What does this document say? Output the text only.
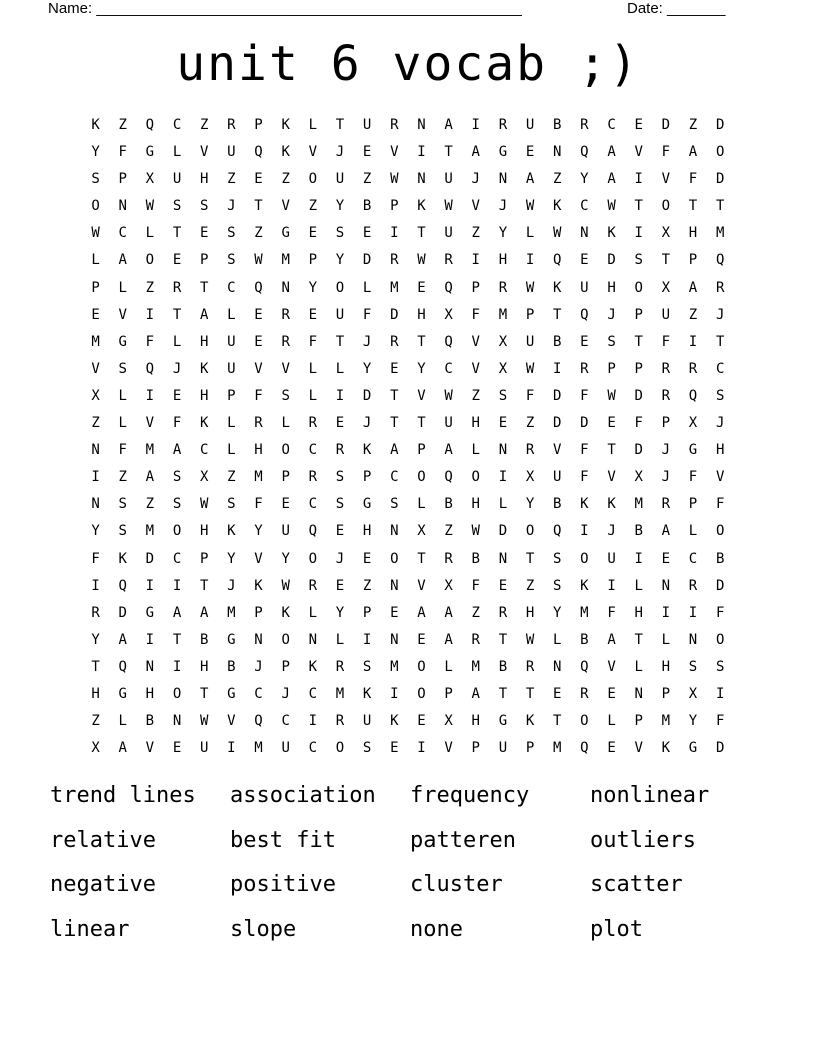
Name: ___________________________________________________	Date: _______
unit 6 vocab ;)
K	Z	Q	C	Z	R	P	K	L	T	U	R	N	A	I	R	U	B	R	C	E	D	Z	D
Y	F	G	L	V	U	Q	K	V	J	E	V	I	T	A	G	E	N	Q	A	V	F	A	O
S	P	X	U	H	Z	E	Z	O	U	Z	W	N	U	J	N	A	Z	Y	A	I	V	F	D
O	N	W	S	S	J	T	V	Z	Y	B	P	K	W	V	J	W	K	C	W	T	O	T	T
W	C	L	T	E	S	Z	G	E	S	E	I	T	U	Z	Y	L	W	N	K	I	X	H	M
L	A	O	E	P	S	W	M	P	Y	D	R	W	R	I	H	I	Q	E	D	S	T	P	Q
P	L	Z	R	T	C	Q	N	Y	O	L	M	E	Q	P	R	W	K	U	H	O	X	A	R
E	V	I	T	A	L	E	R	E	U	F	D	H	X	F	M	P	T	Q	J	P	U	Z	J
M	G	F	L	H	U	E	R	F	T	J	R	T	Q	V	X	U	B	E	S	T	F	I	T
V	S	Q	J	K	U	V	V	L	L	Y	E	Y	C	V	X	W	I	R	P	P	R	R	C
X	L	I	E	H	P	F	S	L	I	D	T	V	W	Z	S	F	D	F	W	D	R	Q	S
Z	L	V	F	K	L	R	L	R	E	J	T	T	U	H	E	Z	D	D	E	F	P	X	J
N	F	M	A	C	L	H	O	C	R	K	A	P	A	L	N	R	V	F	T	D	J	G	H
I	Z	A	S	X	Z	M	P	R	S	P	C	O	Q	O	I	X	U	F	V	X	J	F	V
N	S	Z	S	W	S	F	E	C	S	G	S	L	B	H	L	Y	B	K	K	M	R	P	F
Y	S	M	O	H	K	Y	U	Q	E	H	N	X	Z	W	D	O	Q	I	J	B	A	L	O
F	K	D	C	P	Y	V	Y	O	J	E	O	T	R	B	N	T	S	O	U	I	E	C	B
I	Q	I	I	T	J	K	W	R	E	Z	N	V	X	F	E	Z	S	K	I	L	N	R	D
R	D	G	A	A	M	P	K	L	Y	P	E	A	A	Z	R	H	Y	M	F	H	I	I	F
Y	A	I	T	B	G	N	O	N	L	I	N	E	A	R	T	W	L	B	A	T	L	N	O
T	Q	N	I	H	B	J	P	K	R	S	M	O	L	M	B	R	N	Q	V	L	H	S	S
H	G	H	O	T	G	C	J	C	M	K	I	O	P	A	T	T	E	R	E	N	P	X	I
Z	L	B	N	W	V	Q	C	I	R	U	K	E	X	H	G	K	T	O	L	P	M	Y	F
X	A	V	E	U	I	M	U	C	O	S	E	I	V	P	U	P	M	Q	E	V	K	G	D
trend lines	association	frequency	nonlinear
relative	best fit	patteren	outliers
negative	positive	cluster	scatter
linear	slope	none	plot
